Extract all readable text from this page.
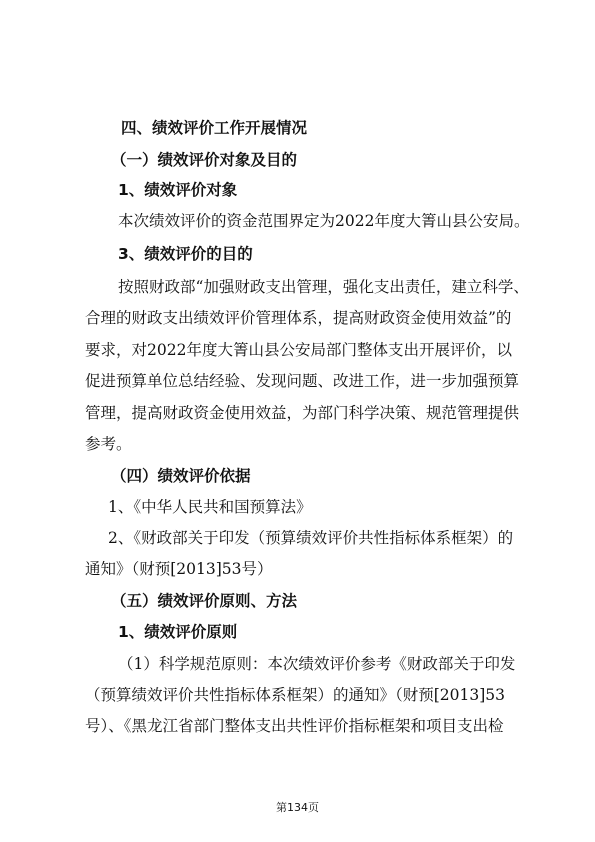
四、绩效评价工作开展情况
（一）绩效评价对象及目的
1、绩效评价对象
本次绩效评价的资金范围界定为2022年度大箐山县公安局。
3、绩效评价的目的
按照财政部“加强财政支出管理，强化支出责任，建立科学、
合理的财政支出绩效评价管理体系，提高财政资金使用效益”的
要求，对2022年度大箐山县公安局部门整体支出开展评价，以
促进预算单位总结经验、发现问题、改进工作，进一步加强预算
管理，提高财政资金使用效益，为部门科学决策、规范管理提供
参考。
（四）绩效评价依据
1、《中华人民共和国预算法》
2、《财政部关于印发（预算绩效评价共性指标体系框架）的
通知》（财预[2013]53号）
（五）绩效评价原则、方法
1、绩效评价原则
（1）科学规范原则：本次绩效评价参考《财政部关于印发
（预算绩效评价共性指标体系框架）的通知》（财预[2013]53
号）、《黑龙江省部门整体支出共性评价指标框架和项目支出检
第134页
